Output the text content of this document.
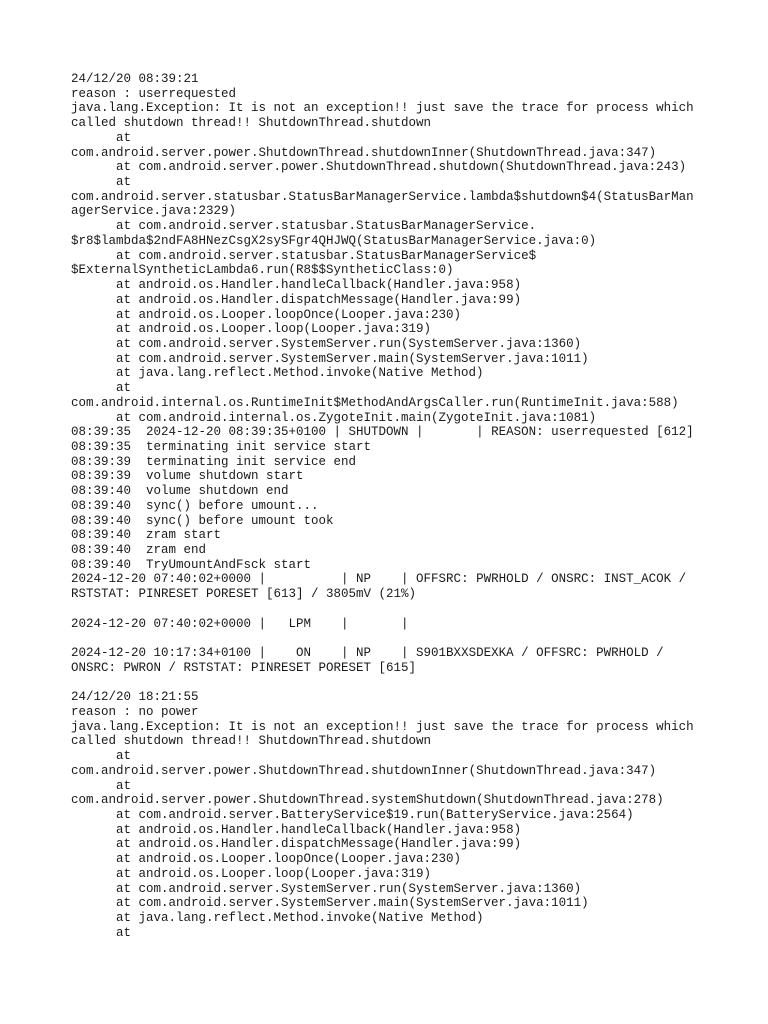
24/12/20 08:39:21
reason : userrequested
java.lang.Exception: It is not an exception!! just save the trace for process which
called shutdown thread!! ShutdownThread.shutdown
at
com.android.server.power.ShutdownThread.shutdownInner(ShutdownThread.java:347)
at com.android.server.power.ShutdownThread.shutdown(ShutdownThread.java:243)
at
com.android.server.statusbar.StatusBarManagerService.lambda$shutdown$4(StatusBarMan
agerService.java:2329)
at com.android.server.statusbar.StatusBarManagerService.
$r8$lambda$2ndFA8HNezCsgX2sySFgr4QHJWQ(StatusBarManagerService.java:0)
at com.android.server.statusbar.StatusBarManagerService$
$ExternalSyntheticLambda6.run(R8$$SyntheticClass:0)
at android.os.Handler.handleCallback(Handler.java:958)
at android.os.Handler.dispatchMessage(Handler.java:99)
at android.os.Looper.loopOnce(Looper.java:230)
at android.os.Looper.loop(Looper.java:319)
at com.android.server.SystemServer.run(SystemServer.java:1360)
at com.android.server.SystemServer.main(SystemServer.java:1011)
at java.lang.reflect.Method.invoke(Native Method)
at
com.android.internal.os.RuntimeInit$MethodAndArgsCaller.run(RuntimeInit.java:588)
at com.android.internal.os.ZygoteInit.main(ZygoteInit.java:1081)
08:39:35  2024-12-20 08:39:35+0100 | SHUTDOWN |       | REASON: userrequested [612]
08:39:35  terminating init service start
08:39:39  terminating init service end
08:39:39  volume shutdown start
08:39:40  volume shutdown end
08:39:40  sync() before umount...
08:39:40  sync() before umount took
08:39:40  zram start
08:39:40  zram end
08:39:40  TryUmountAndFsck start
2024-12-20 07:40:02+0000 |          | NP    | OFFSRC: PWRHOLD / ONSRC: INST_ACOK /
RSTSTAT: PINRESET PORESET [613] / 3805mV (21%)
2024-12-20 07:40:02+0000 |   LPM    |       |
2024-12-20 10:17:34+0100 |    ON    | NP    | S901BXXSDEXKA / OFFSRC: PWRHOLD /
ONSRC: PWRON / RSTSTAT: PINRESET PORESET [615]
24/12/20 18:21:55
reason : no power
java.lang.Exception: It is not an exception!! just save the trace for process which
called shutdown thread!! ShutdownThread.shutdown
at
com.android.server.power.ShutdownThread.shutdownInner(ShutdownThread.java:347)
at
com.android.server.power.ShutdownThread.systemShutdown(ShutdownThread.java:278)
at com.android.server.BatteryService$19.run(BatteryService.java:2564)
at android.os.Handler.handleCallback(Handler.java:958)
at android.os.Handler.dispatchMessage(Handler.java:99)
at android.os.Looper.loopOnce(Looper.java:230)
at android.os.Looper.loop(Looper.java:319)
at com.android.server.SystemServer.run(SystemServer.java:1360)
at com.android.server.SystemServer.main(SystemServer.java:1011)
at java.lang.reflect.Method.invoke(Native Method)
at
